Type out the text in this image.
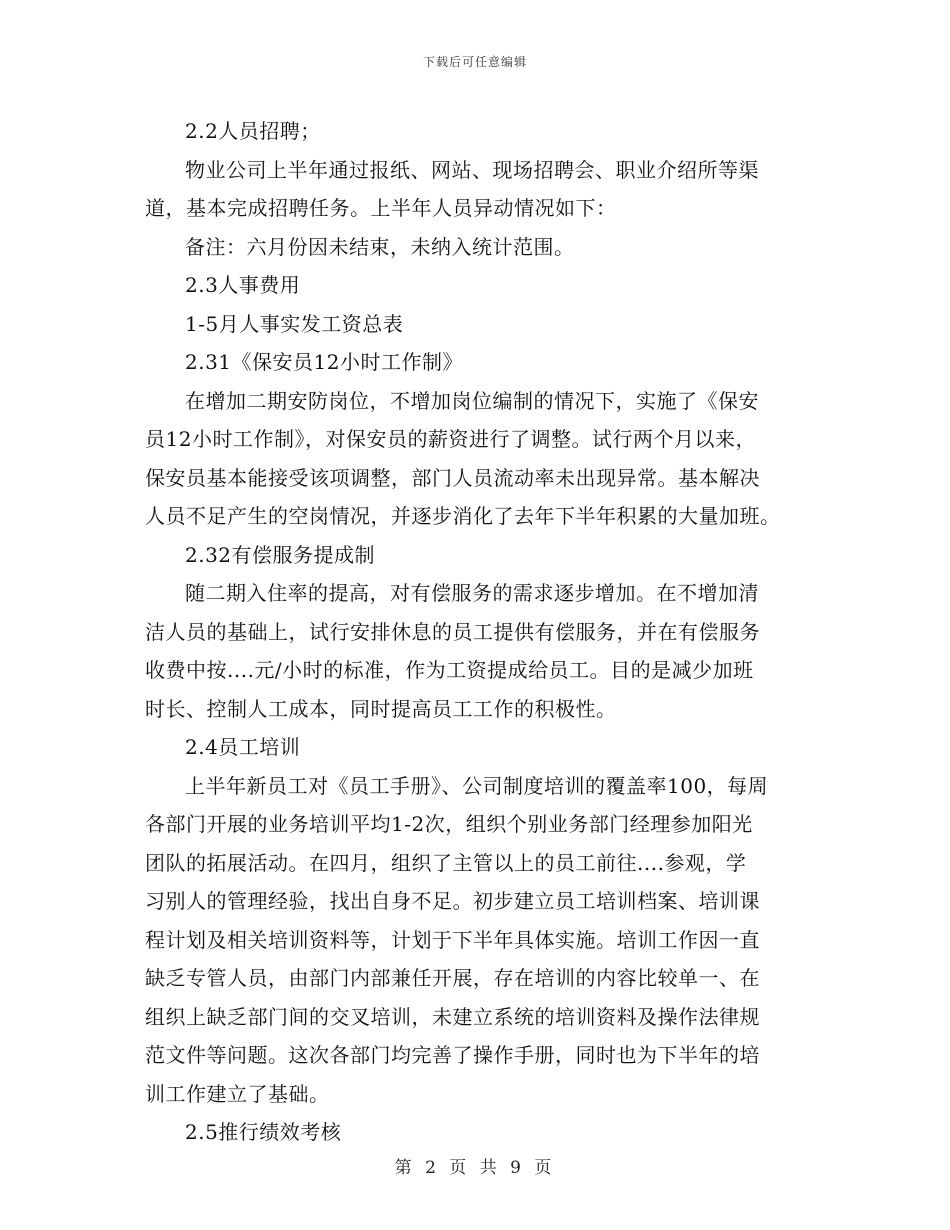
下载后可任意编辑
2.2人员招聘；
物业公司上半年通过报纸、网站、现场招聘会、职业介绍所等渠
道，基本完成招聘任务。上半年人员异动情况如下：
备注：六月份因未结束，未纳入统计范围。
2.3人事费用
1-5月人事实发工资总表
2.31《保安员12小时工作制》
在增加二期安防岗位，不增加岗位编制的情况下，实施了《保安
员12小时工作制》，对保安员的薪资进行了调整。试行两个月以来，
保安员基本能接受该项调整，部门人员流动率未出现异常。基本解决
人员不足产生的空岗情况，并逐步消化了去年下半年积累的大量加班。
2.32有偿服务提成制
随二期入住率的提高，对有偿服务的需求逐步增加。在不增加清
洁人员的基础上，试行安排休息的员工提供有偿服务，并在有偿服务
收费中按....元/小时的标准，作为工资提成给员工。目的是减少加班
时长、控制人工成本，同时提高员工工作的积极性。
2.4员工培训
上半年新员工对《员工手册》、公司制度培训的覆盖率100，每周
各部门开展的业务培训平均1-2次，组织个别业务部门经理参加阳光
团队的拓展活动。在四月，组织了主管以上的员工前往....参观，学
习别人的管理经验，找出自身不足。初步建立员工培训档案、培训课
程计划及相关培训资料等，计划于下半年具体实施。培训工作因一直
缺乏专管人员，由部门内部兼任开展，存在培训的内容比较单一、在
组织上缺乏部门间的交叉培训，未建立系统的培训资料及操作法律规
范文件等问题。这次各部门均完善了操作手册，同时也为下半年的培
训工作建立了基础。
2.5推行绩效考核
第 2 页 共 9 页
